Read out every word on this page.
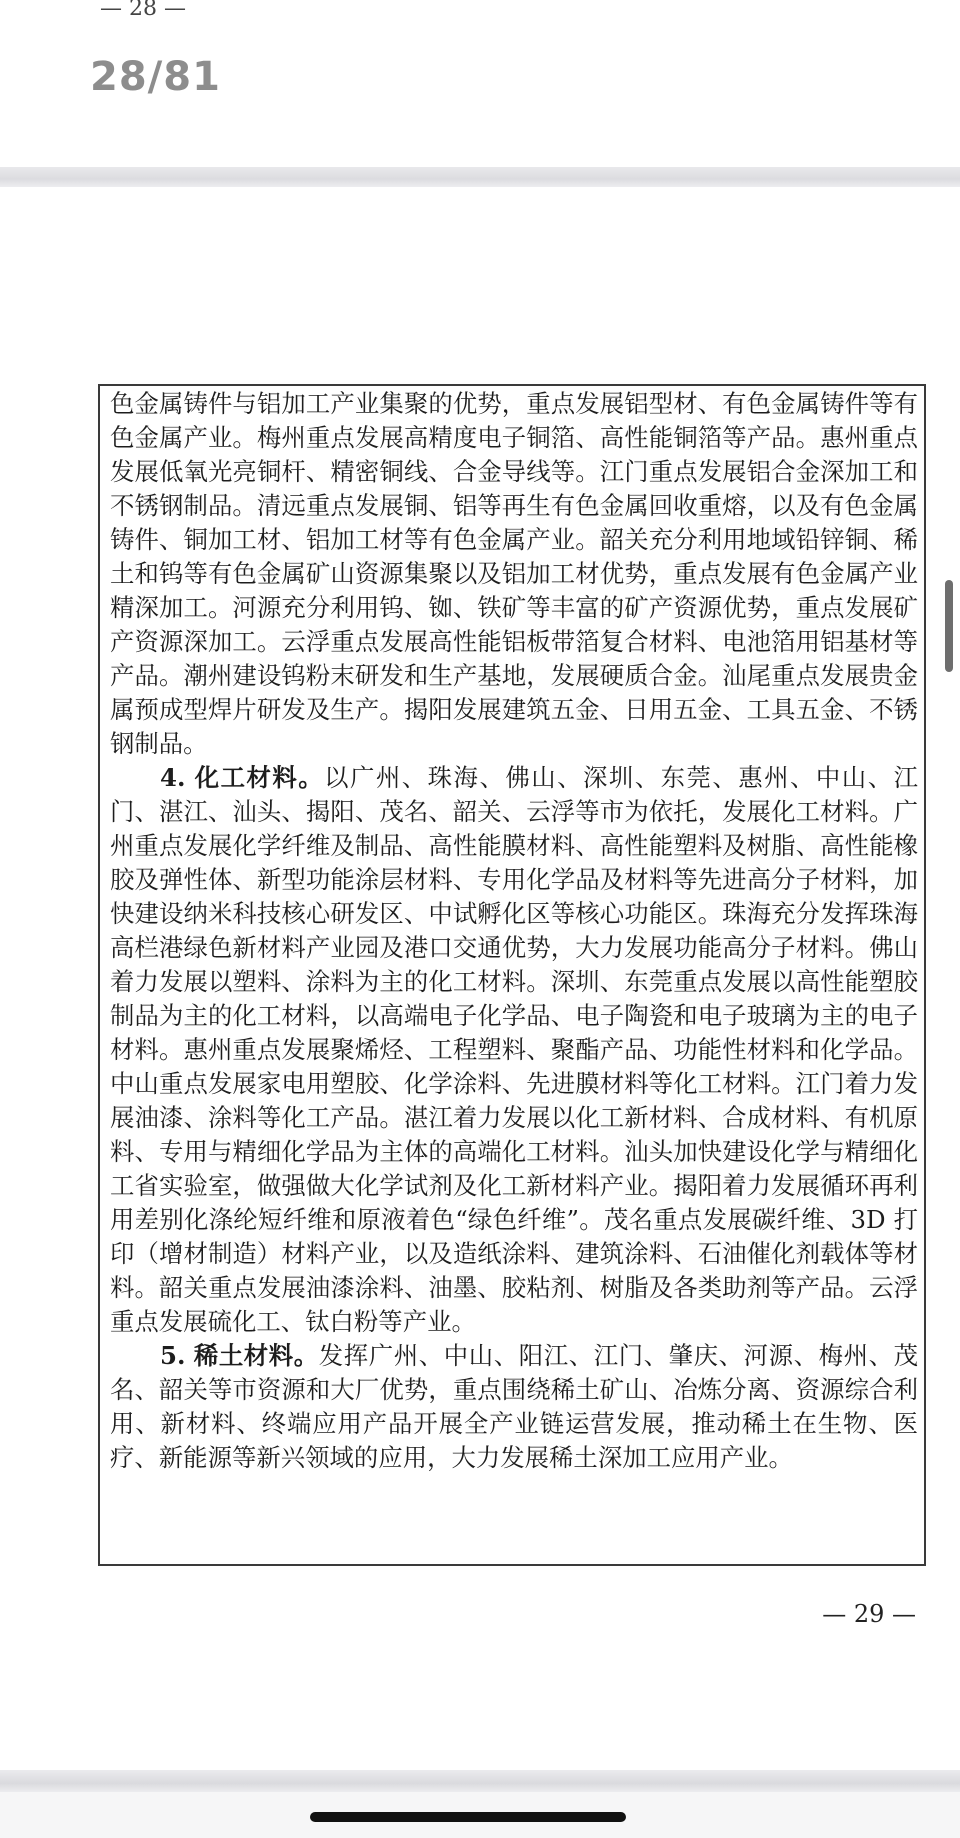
— 28 —
28/81

色金属铸件与铝加工产业集聚的优势，重点发展铝型材、有色金属铸件等有色金属产业。梅州重点发展高精度电子铜箔、高性能铜箔等产品。惠州重点发展低氧光亮铜杆、精密铜线、合金导线等。江门重点发展铝合金深加工和不锈钢制品。清远重点发展铜、铝等再生有色金属回收重熔，以及有色金属铸件、铜加工材、铝加工材等有色金属产业。韶关充分利用地域铅锌铜、稀土和钨等有色金属矿山资源集聚以及铝加工材优势，重点发展有色金属产业精深加工。河源充分利用钨、铷、铁矿等丰富的矿产资源优势，重点发展矿产资源深加工。云浮重点发展高性能铝板带箔复合材料、电池箔用铝基材等产品。潮州建设钨粉末研发和生产基地，发展硬质合金。汕尾重点发展贵金属预成型焊片研发及生产。揭阳发展建筑五金、日用五金、工具五金、不锈钢制品。

4. 化工材料。以广州、珠海、佛山、深圳、东莞、惠州、中山、江门、湛江、汕头、揭阳、茂名、韶关、云浮等市为依托，发展化工材料。广州重点发展化学纤维及制品、高性能膜材料、高性能塑料及树脂、高性能橡胶及弹性体、新型功能涂层材料、专用化学品及材料等先进高分子材料，加快建设纳米科技核心研发区、中试孵化区等核心功能区。珠海充分发挥珠海高栏港绿色新材料产业园及港口交通优势，大力发展功能高分子材料。佛山着力发展以塑料、涂料为主的化工材料。深圳、东莞重点发展以高性能塑胶制品为主的化工材料，以高端电子化学品、电子陶瓷和电子玻璃为主的电子材料。惠州重点发展聚烯烃、工程塑料、聚酯产品、功能性材料和化学品。中山重点发展家电用塑胶、化学涂料、先进膜材料等化工材料。江门着力发展油漆、涂料等化工产品。湛江着力发展以化工新材料、合成材料、有机原料、专用与精细化学品为主体的高端化工材料。汕头加快建设化学与精细化工省实验室，做强做大化学试剂及化工新材料产业。揭阳着力发展循环再利用差别化涤纶短纤维和原液着色“绿色纤维”。茂名重点发展碳纤维、3D 打印（增材制造）材料产业，以及造纸涂料、建筑涂料、石油催化剂载体等材料。韶关重点发展油漆涂料、油墨、胶粘剂、树脂及各类助剂等产品。云浮重点发展硫化工、钛白粉等产业。

5. 稀土材料。发挥广州、中山、阳江、江门、肇庆、河源、梅州、茂名、韶关等市资源和大厂优势，重点围绕稀土矿山、冶炼分离、资源综合利用、新材料、终端应用产品开展全产业链运营发展，推动稀土在生物、医疗、新能源等新兴领域的应用，大力发展稀土深加工应用产业。

— 29 —
